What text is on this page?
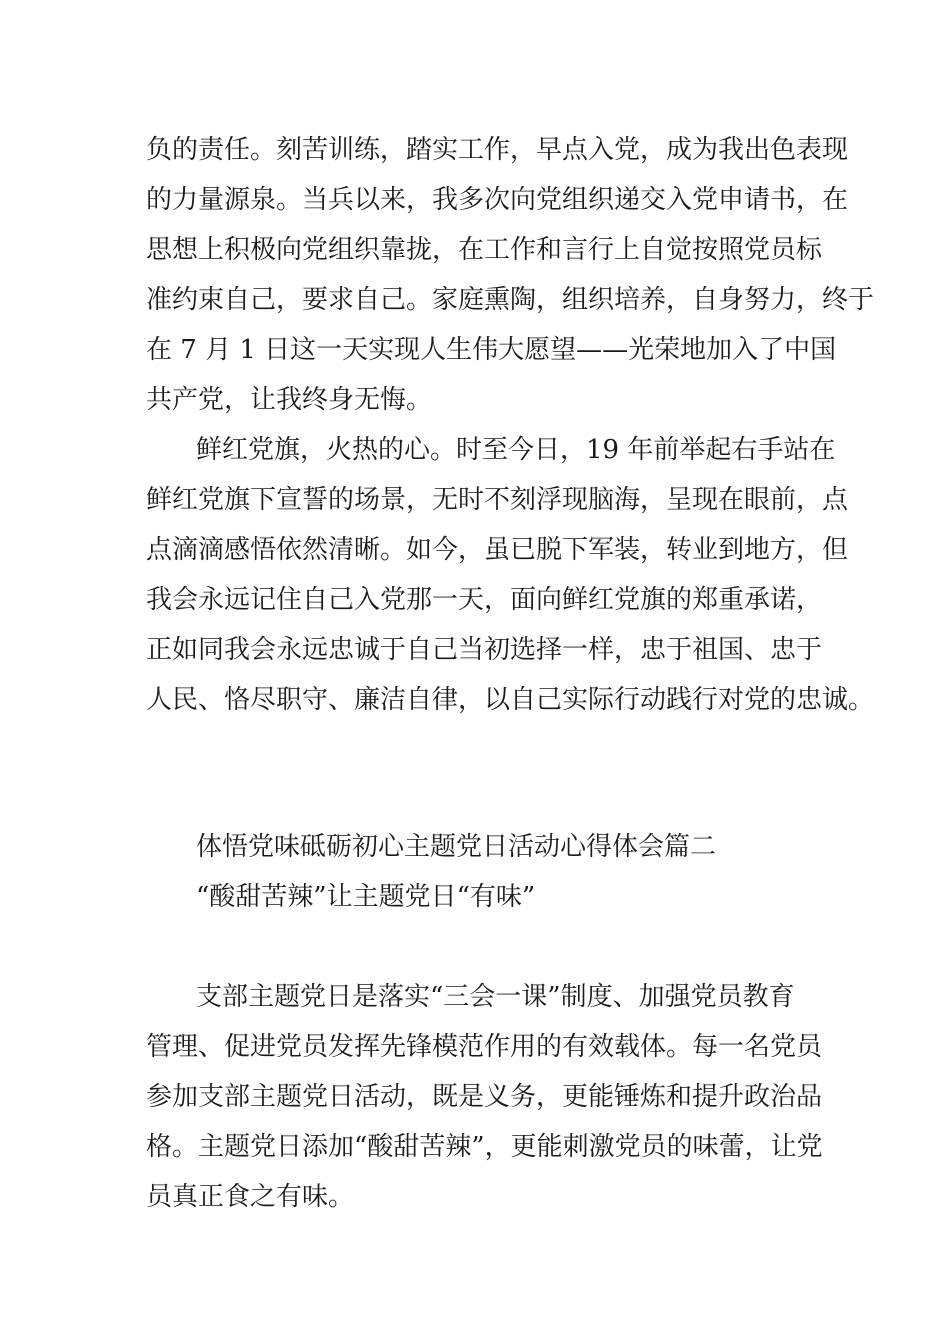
负的责任。刻苦训练，踏实工作，早点入党，成为我出色表现
的力量源泉。当兵以来，我多次向党组织递交入党申请书，在
思想上积极向党组织靠拢，在工作和言行上自觉按照党员标
准约束自己，要求自己。家庭熏陶，组织培养，自身努力，终于
在 7 月 1 日这一天实现人生伟大愿望——光荣地加入了中国
共产党，让我终身无悔。
鲜红党旗，火热的心。时至今日，19 年前举起右手站在
鲜红党旗下宣誓的场景，无时不刻浮现脑海，呈现在眼前，点
点滴滴感悟依然清晰。如今，虽已脱下军装，转业到地方，但
我会永远记住自己入党那一天，面向鲜红党旗的郑重承诺，
正如同我会永远忠诚于自己当初选择一样，忠于祖国、忠于
人民、恪尽职守、廉洁自律，以自己实际行动践行对党的忠诚。
体悟党味砥砺初心主题党日活动心得体会篇二
“酸甜苦辣”让主题党日“有味”
支部主题党日是落实“三会一课”制度、加强党员教育
管理、促进党员发挥先锋模范作用的有效载体。每一名党员
参加支部主题党日活动，既是义务，更能锤炼和提升政治品
格。主题党日添加“酸甜苦辣”，更能刺激党员的味蕾，让党
员真正食之有味。
